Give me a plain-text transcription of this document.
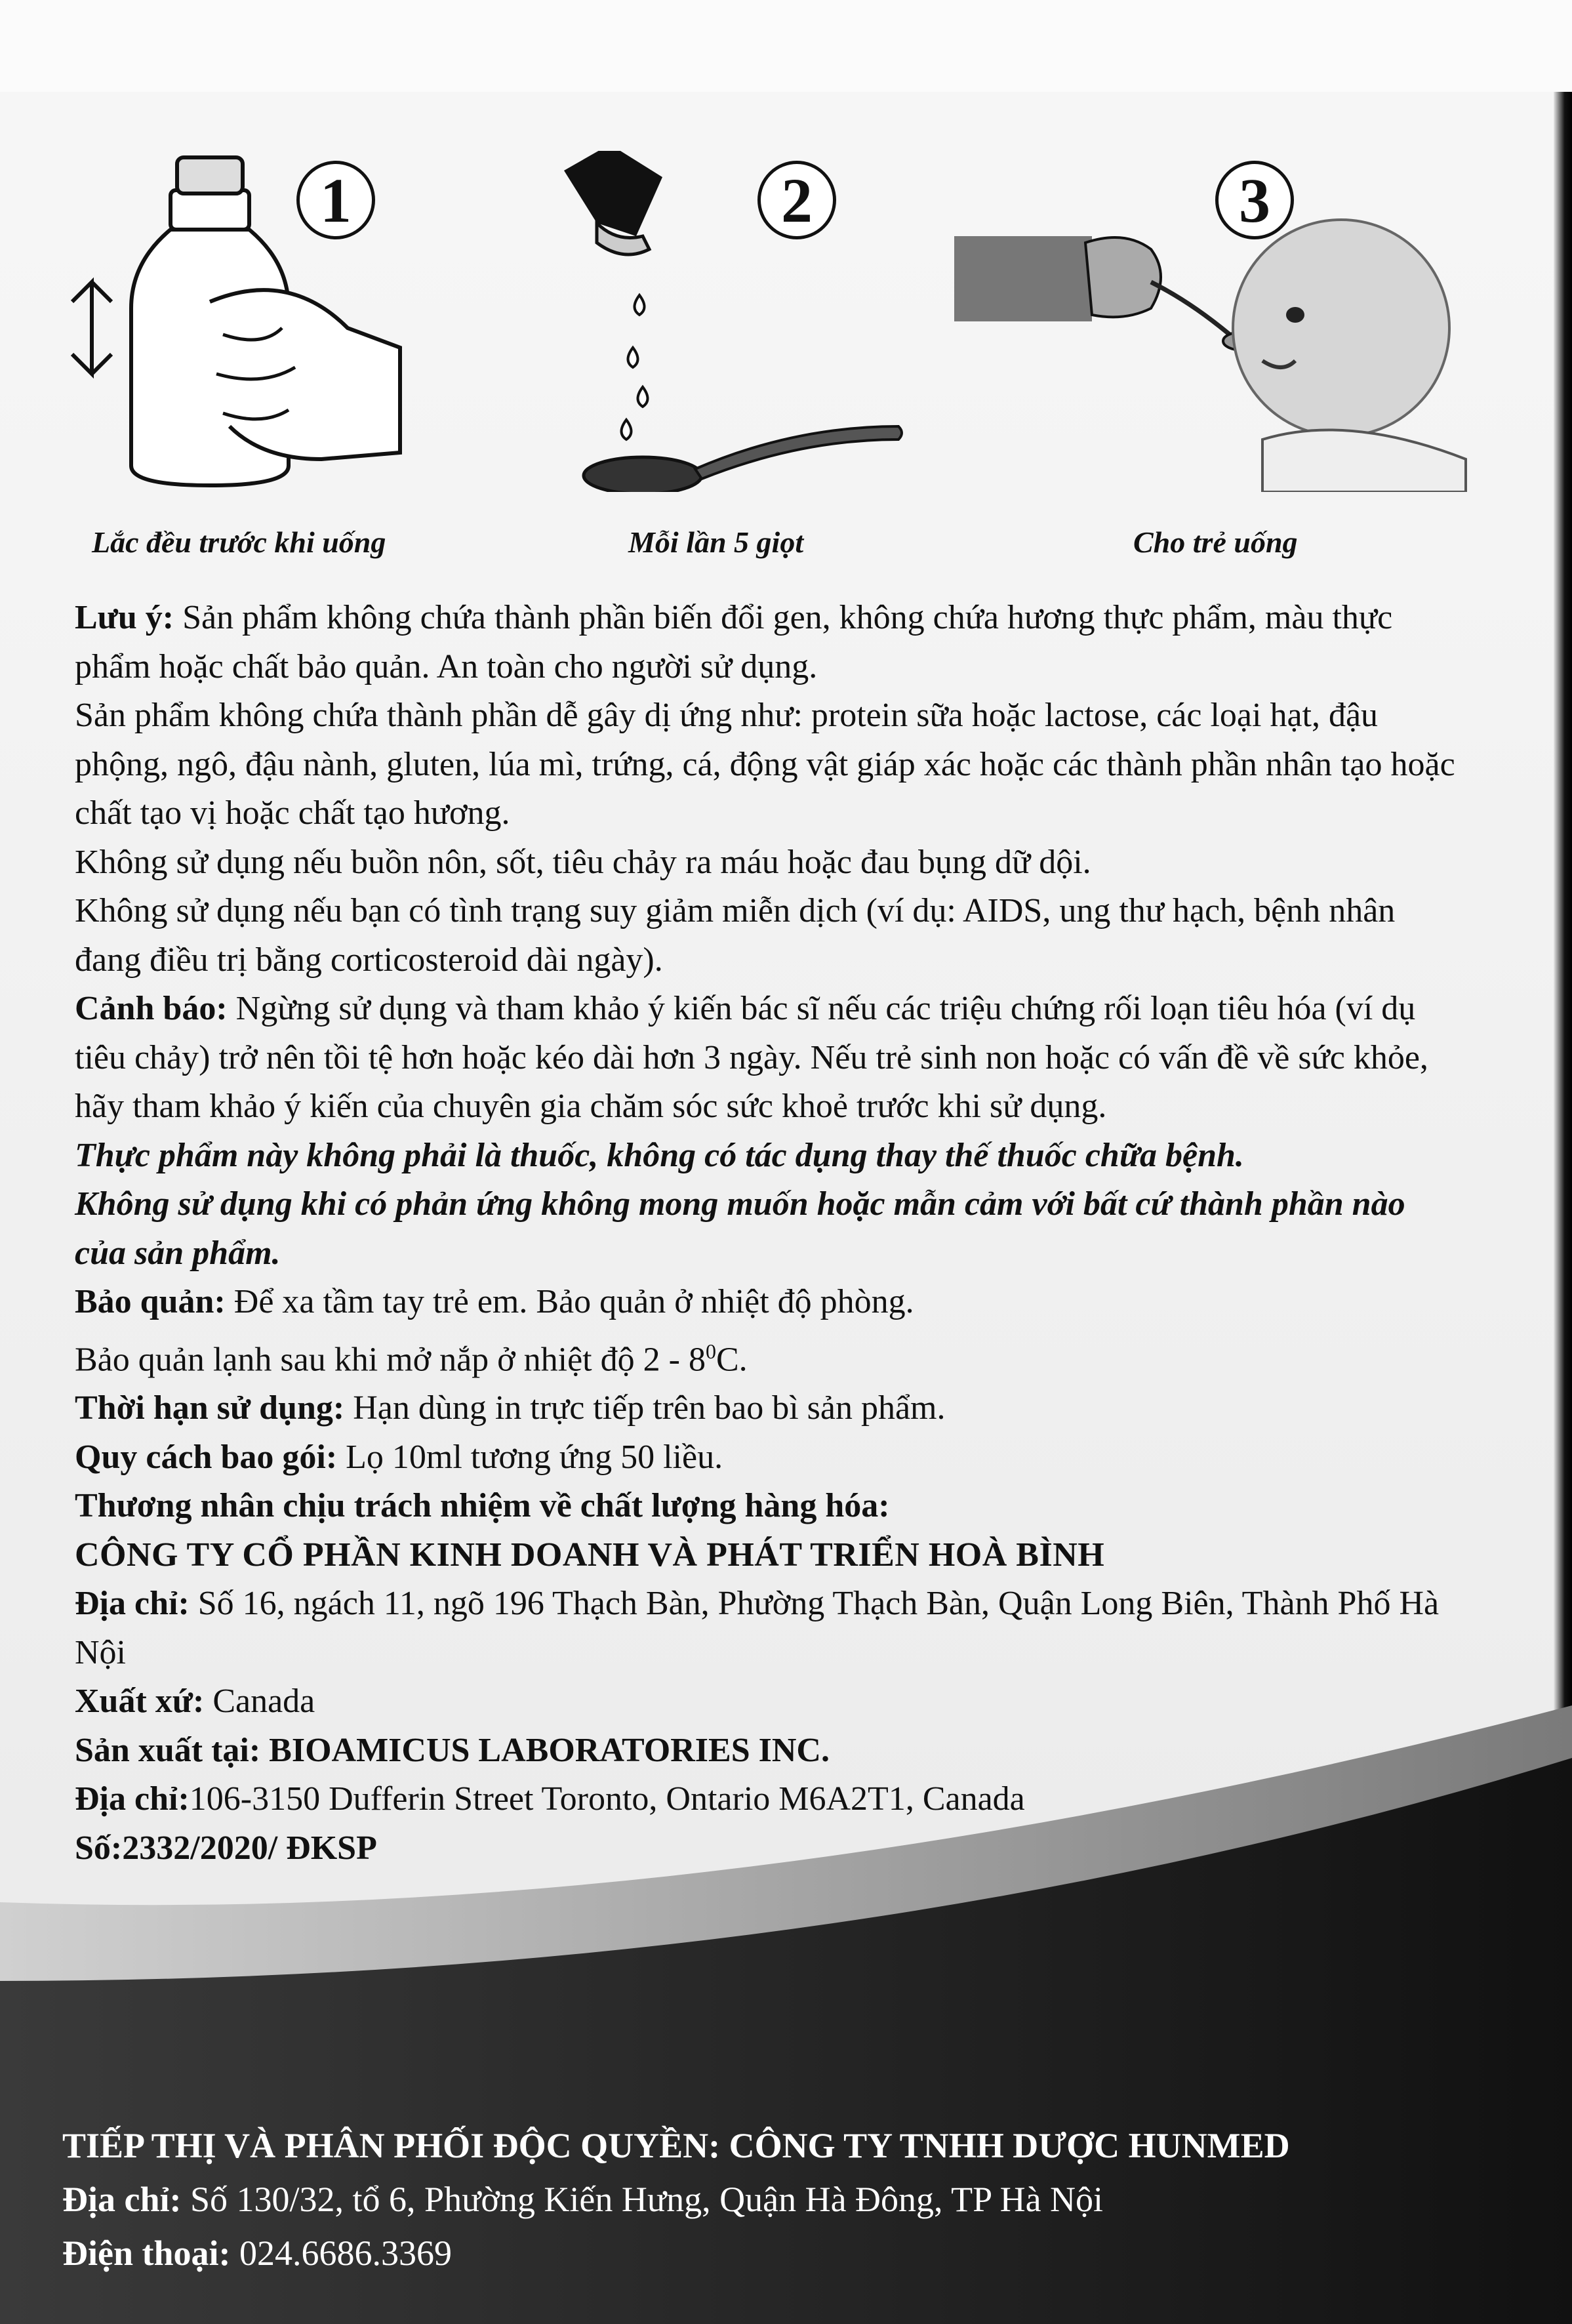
1
Lắc đều trước khi uống
2
Mỗi lần 5 giọt
3
Cho trẻ uống

Lưu ý: Sản phẩm không chứa thành phần biến đổi gen, không chứa hương thực phẩm, màu thực phẩm hoặc chất bảo quản. An toàn cho người sử dụng.

Sản phẩm không chứa thành phần dễ gây dị ứng như: protein sữa hoặc lactose, các loại hạt, đậu phộng, ngô, đậu nành, gluten, lúa mì, trứng, cá, động vật giáp xác hoặc các thành phần nhân tạo hoặc chất tạo vị hoặc chất tạo hương.

Không sử dụng nếu buồn nôn, sốt, tiêu chảy ra máu hoặc đau bụng dữ dội.

Không sử dụng nếu bạn có tình trạng suy giảm miễn dịch (ví dụ: AIDS, ung thư hạch, bệnh nhân đang điều trị bằng corticosteroid dài ngày).

Cảnh báo: Ngừng sử dụng và tham khảo ý kiến bác sĩ nếu các triệu chứng rối loạn tiêu hóa (ví dụ tiêu chảy) trở nên tồi tệ hơn hoặc kéo dài hơn 3 ngày. Nếu trẻ sinh non hoặc có vấn đề về sức khỏe, hãy tham khảo ý kiến của chuyên gia chăm sóc sức khoẻ trước khi sử dụng.

Thực phẩm này không phải là thuốc, không có tác dụng thay thế thuốc chữa bệnh.

Không sử dụng khi có phản ứng không mong muốn hoặc mẫn cảm với bất cứ thành phần nào của sản phẩm.

Bảo quản: Để xa tầm tay trẻ em. Bảo quản ở nhiệt độ phòng.

Bảo quản lạnh sau khi mở nắp ở nhiệt độ $2 - 8^0C$.

Thời hạn sử dụng: Hạn dùng in trực tiếp trên bao bì sản phẩm.

Quy cách bao gói: Lọ 10ml tương ứng 50 liều.

Thương nhân chịu trách nhiệm về chất lượng hàng hóa:

CÔNG TY CỔ PHẦN KINH DOANH VÀ PHÁT TRIỂN HOÀ BÌNH

Địa chỉ: Số 16, ngách 11, ngõ 196 Thạch Bàn, Phường Thạch Bàn, Quận Long Biên, Thành Phố Hà Nội

Xuất xứ: Canada

Sản xuất tại: BIOAMICUS LABORATORIES INC.

Địa chỉ:106-3150 Dufferin Street Toronto, Ontario M6A2T1, Canada

Số:2332/2020/ ĐKSP

TIẾP THỊ VÀ PHÂN PHỐI ĐỘC QUYỀN: CÔNG TY TNHH DƯỢC HUNMED

Địa chỉ: Số 130/32, tổ 6, Phường Kiến Hưng, Quận Hà Đông, TP Hà Nội

Điện thoại: 024.6686.3369
